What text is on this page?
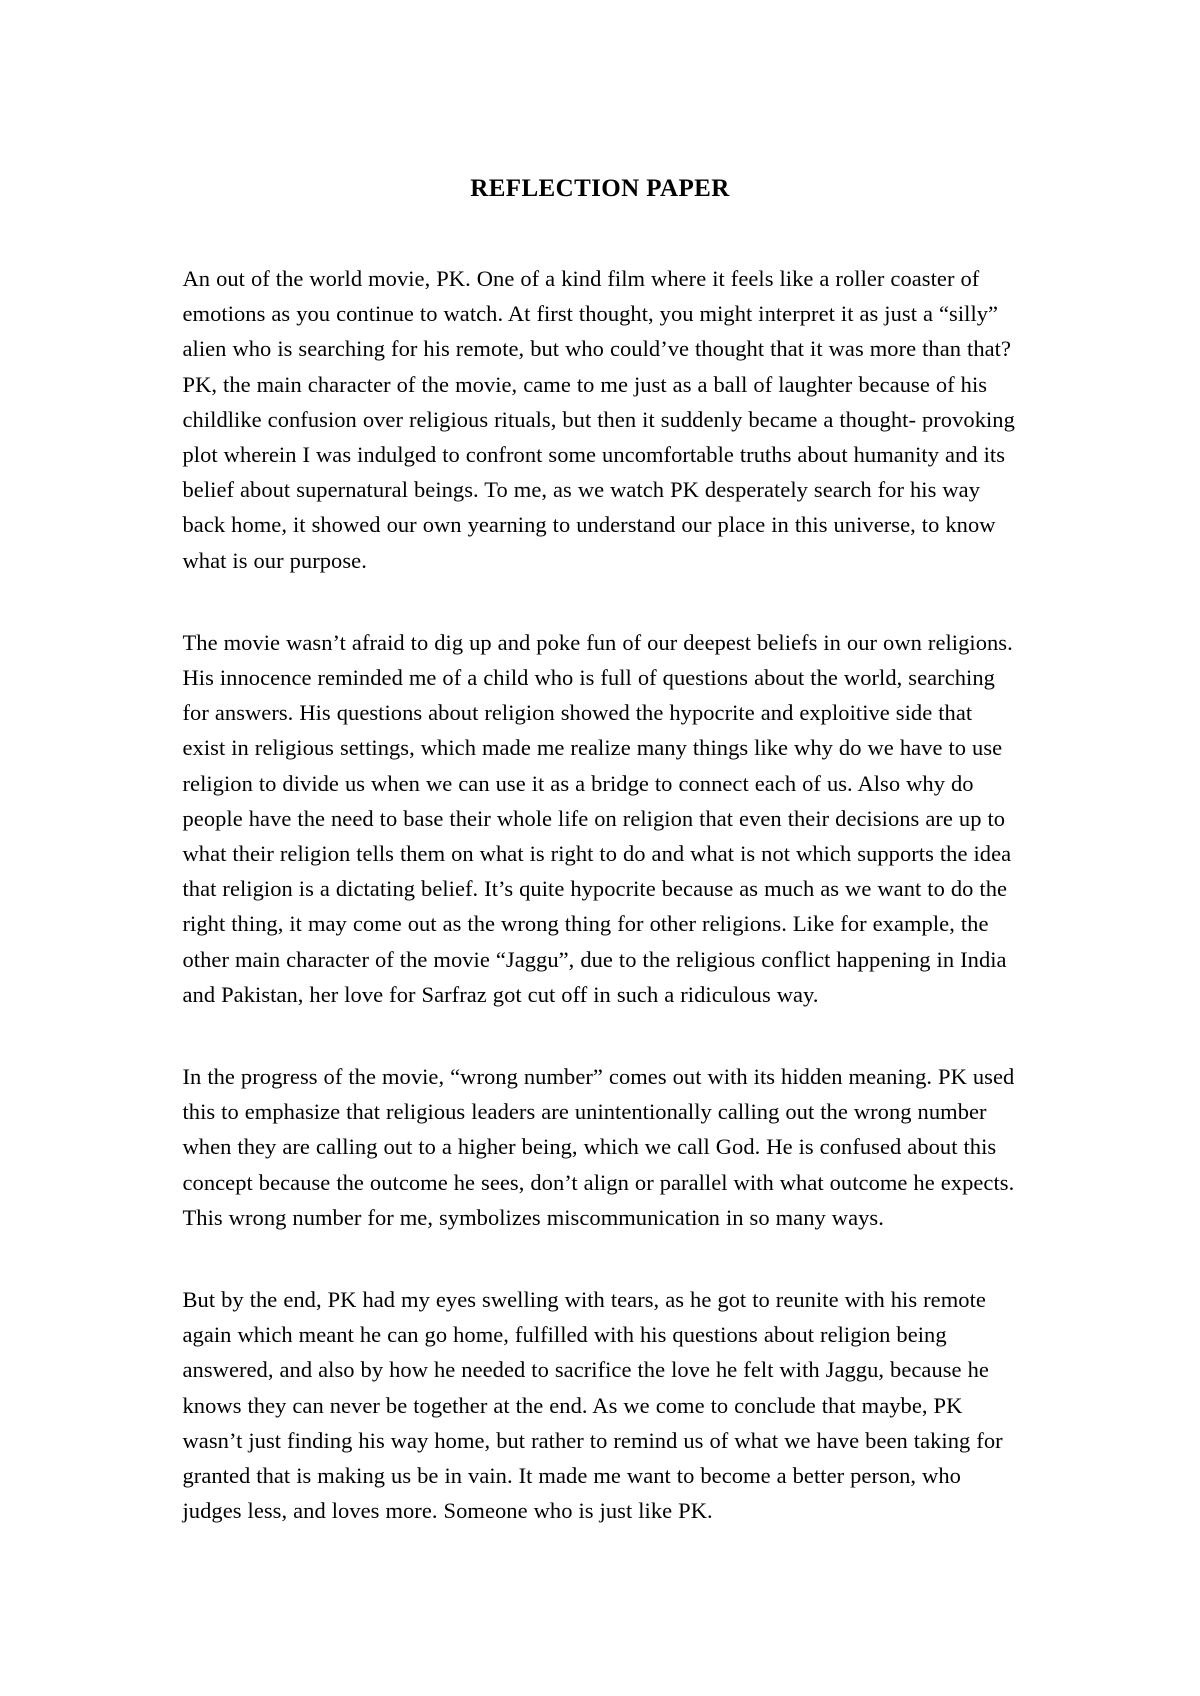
REFLECTION PAPER

An out of the world movie, PK. One of a kind film where it feels like a roller coaster of emotions as you continue to watch. At first thought, you might interpret it as just a “silly” alien who is searching for his remote, but who could’ve thought that it was more than that? PK, the main character of the movie, came to me just as a ball of laughter because of his childlike confusion over religious rituals, but then it suddenly became a thought- provoking plot wherein I was indulged to confront some uncomfortable truths about humanity and its belief about supernatural beings. To me, as we watch PK desperately search for his way back home, it showed our own yearning to understand our place in this universe, to know what is our purpose.

The movie wasn’t afraid to dig up and poke fun of our deepest beliefs in our own religions. His innocence reminded me of a child who is full of questions about the world, searching for answers. His questions about religion showed the hypocrite and exploitive side that exist in religious settings, which made me realize many things like why do we have to use religion to divide us when we can use it as a bridge to connect each of us. Also why do people have the need to base their whole life on religion that even their decisions are up to what their religion tells them on what is right to do and what is not which supports the idea that religion is a dictating belief. It’s quite hypocrite because as much as we want to do the right thing, it may come out as the wrong thing for other religions. Like for example, the other main character of the movie “Jaggu”, due to the religious conflict happening in India and Pakistan, her love for Sarfraz got cut off in such a ridiculous way.

In the progress of the movie, “wrong number” comes out with its hidden meaning. PK used this to emphasize that religious leaders are unintentionally calling out the wrong number when they are calling out to a higher being, which we call God. He is confused about this concept because the outcome he sees, don’t align or parallel with what outcome he expects. This wrong number for me, symbolizes miscommunication in so many ways.

But by the end, PK had my eyes swelling with tears, as he got to reunite with his remote again which meant he can go home, fulfilled with his questions about religion being answered, and also by how he needed to sacrifice the love he felt with Jaggu, because he knows they can never be together at the end. As we come to conclude that maybe, PK wasn’t just finding his way home, but rather to remind us of what we have been taking for granted that is making us be in vain. It made me want to become a better person, who judges less, and loves more. Someone who is just like PK.
